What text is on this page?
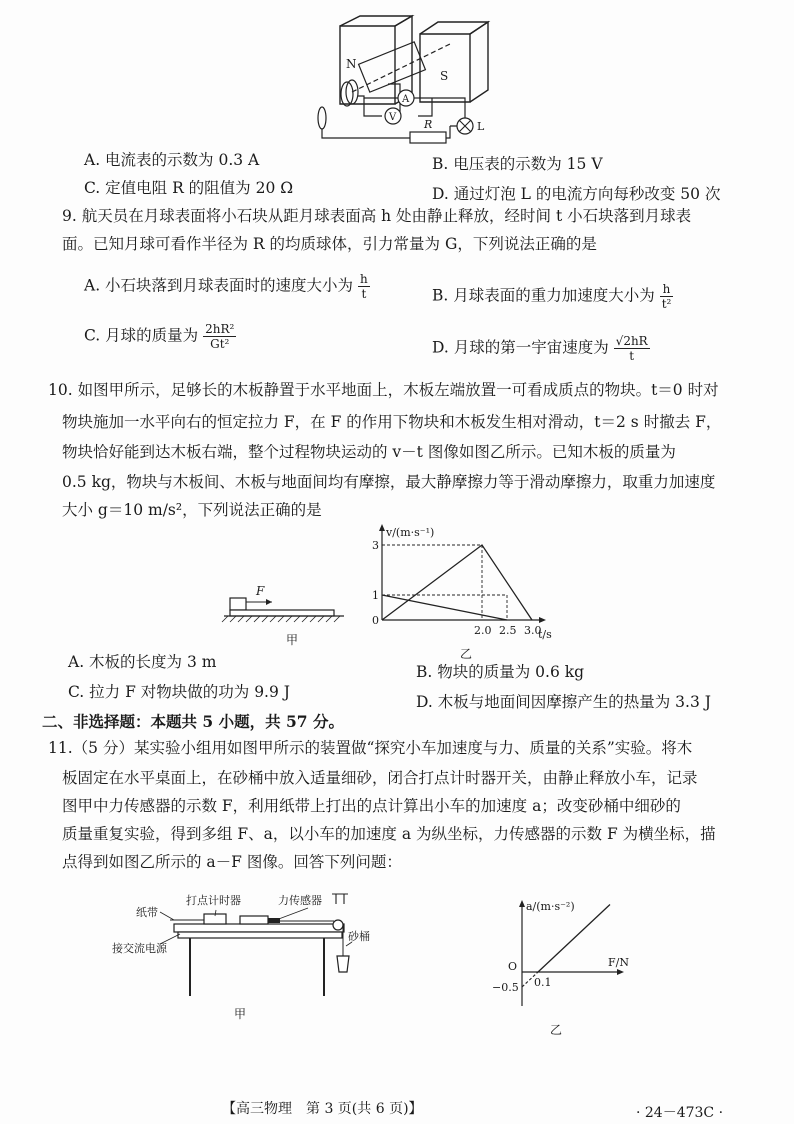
N
S
A
V
R	L
A. 电流表的示数为 0.3 A	B. 电压表的示数为 15 V
C. 定值电阻 R 的阻值为 20 Ω	D. 通过灯泡 L 的电流方向每秒改变 50 次
9. 航天员在月球表面将小石块从距月球表面高 h 处由静止释放，经时间 t 小石块落到月球表
面。已知月球可看作半径为 R 的均质球体，引力常量为 G，下列说法正确的是
A. 小石块落到月球表面时的速度大小为 $\frac{h}{t}$	B. 月球表面的重力加速度大小为 $\frac{h}{\text{t²}}$
C. 月球的质量为 $\frac{\text{2hR²}}{\text{Gt²}}$	D. 月球的第一宇宙速度为 $\frac{√2hR}{t}$
10. 如图甲所示，足够长的木板静置于水平地面上，木板左端放置一可看成质点的物块。t＝0 时对
物块施加一水平向右的恒定拉力 F，在 F 的作用下物块和木板发生相对滑动，t＝2 s 时撤去 F，
物块恰好能到达木板右端，整个过程物块运动的 v－t 图像如图乙所示。已知木板的质量为
0.5 kg，物块与木板间、木板与地面间均有摩擦，最大静摩擦力等于滑动摩擦力，取重力加速度
大小 g＝10 m/s²，下列说法正确的是
F
甲
v/(m·s⁻¹)
t/s
0
2.0 2.5 3.0
1
3
乙
A. 木板的长度为 3 m
B. 物块的质量为 0.6 kg
C. 拉力 F 对物块做的功为 9.9 J
D. 木板与地面间因摩擦产生的热量为 3.3 J
二、非选择题：本题共 5 小题，共 57 分。
11.（5 分）某实验小组用如图甲所示的装置做“探究小车加速度与力、质量的关系”实验。将木
板固定在水平桌面上，在砂桶中放入适量细砂，闭合打点计时器开关，由静止释放小车，记录
图甲中力传感器的示数 F，利用纸带上打出的点计算出小车的加速度 a；改变砂桶中细砂的
质量重复实验，得到多组 F、a，以小车的加速度 a 为纵坐标，力传感器的示数 F 为横坐标，描
点得到如图乙所示的 a－F 图像。回答下列问题：
打点计时器	力传感器
纸带
砂桶
接交流电源
甲
a/(m·s⁻²)
F/N
O
0.1
−0.5
乙
【高三物理　第 3 页(共 6 页)】	· 24－473C ·
